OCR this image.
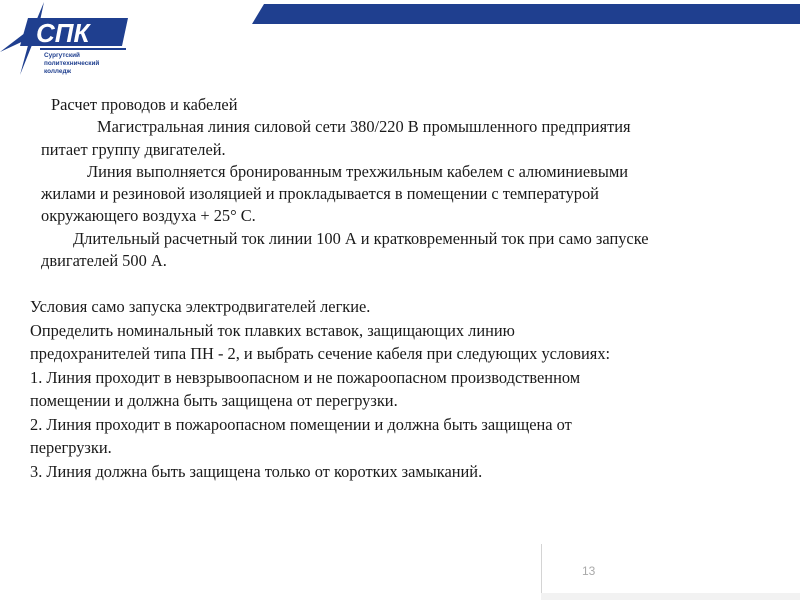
СПК
Сургутский
политехнический
колледж
Расчет проводов и кабелей
Магистральная линия силовой сети 380/220 В промышленного предприятия
питает группу двигателей.
Линия выполняется бронированным трехжильным кабелем с алюминиевыми
жилами и резиновой изоляцией и прокладывается в помещении с температурой
окружающего воздуха + 25° С.
Длительный расчетный ток линии 100 А и кратковременный ток при само запуске
двигателей 500 А.
Условия само запуска электродвигателей легкие.
Определить номинальный ток плавких вставок, защищающих линию
предохранителей типа ПН - 2, и выбрать сечение кабеля при следующих условиях:
1. Линия проходит в невзрывоопасном и не пожароопасном производственном
помещении и должна быть защищена от перегрузки.
2. Линия проходит в пожароопасном помещении и должна быть защищена от
перегрузки.
3. Линия должна быть защищена только от коротких замыканий.
13
